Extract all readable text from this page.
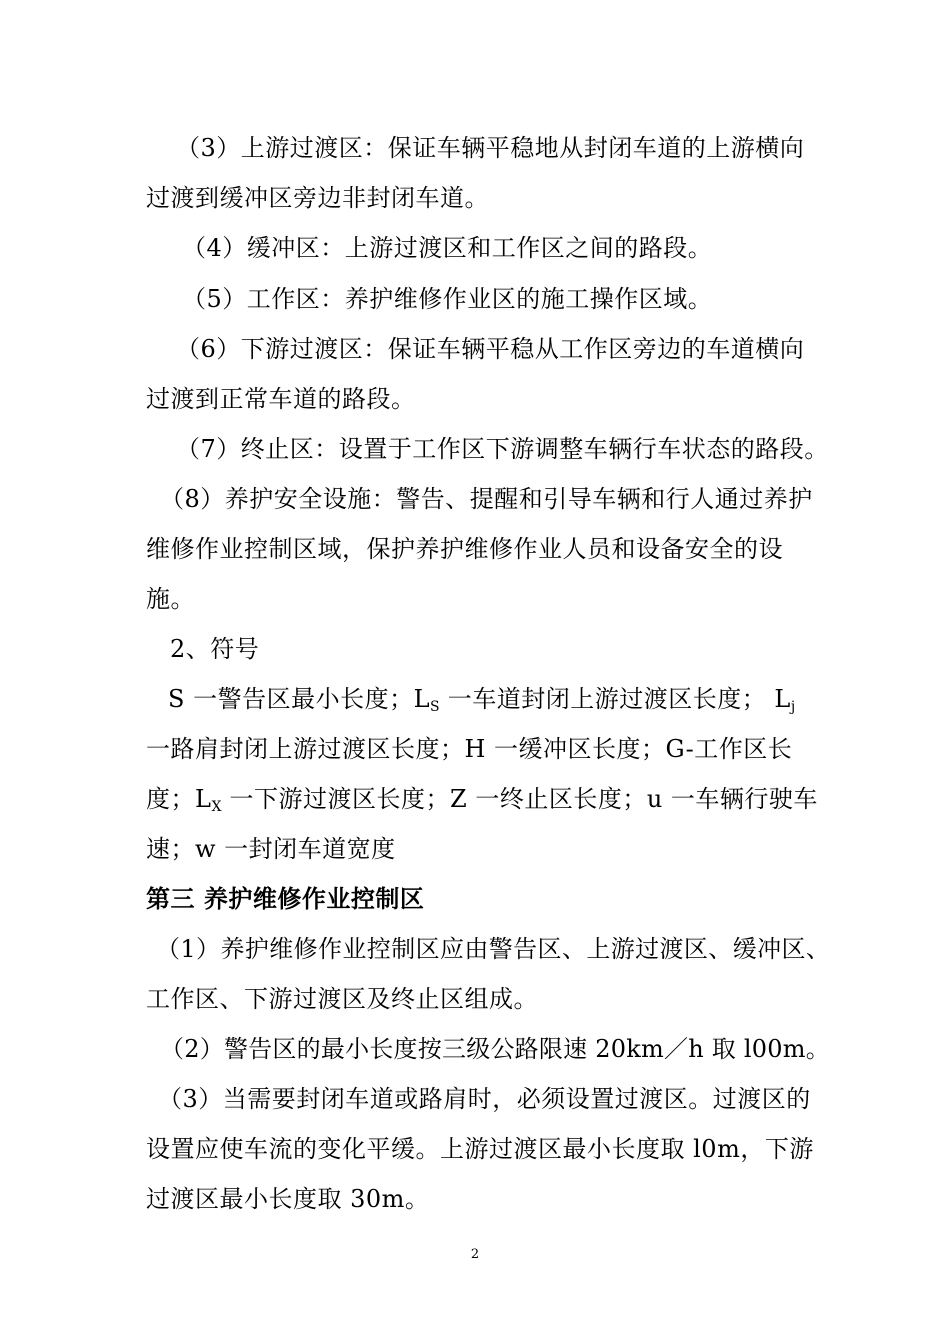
（3）上游过渡区：保证车辆平稳地从封闭车道的上游横向
过渡到缓冲区旁边非封闭车道。
（4）缓冲区：上游过渡区和工作区之间的路段。
（5）工作区：养护维修作业区的施工操作区域。
（6）下游过渡区：保证车辆平稳从工作区旁边的车道横向
过渡到正常车道的路段。
（7）终止区：设置于工作区下游调整车辆行车状态的路段。
（8）养护安全设施：警告、提醒和引导车辆和行人通过养护
维修作业控制区域，保护养护维修作业人员和设备安全的设
施。
2、符号
S 一警告区最小长度；$L_S$ 一车道封闭上游过渡区长度； $L_j$
一路肩封闭上游过渡区长度；H 一缓冲区长度；G-工作区长
度；$L_X$ 一下游过渡区长度；Z 一终止区长度；u 一车辆行驶车
速；w 一封闭车道宽度
第三 养护维修作业控制区
（1）养护维修作业控制区应由警告区、上游过渡区、缓冲区、
工作区、下游过渡区及终止区组成。
（2）警告区的最小长度按三级公路限速 20km／h 取 l00m。
（3）当需要封闭车道或路肩时，必须设置过渡区。过渡区的
设置应使车流的变化平缓。上游过渡区最小长度取 l0m，下游
过渡区最小长度取 30m。
2
